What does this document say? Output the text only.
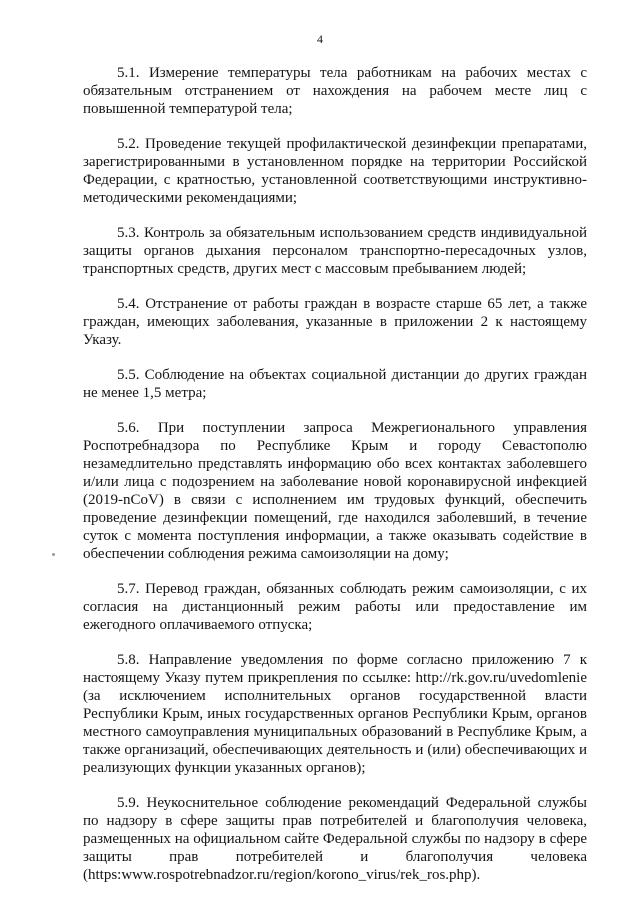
4

5.1. Измерение температуры тела работникам на рабочих местах с обязательным отстранением от нахождения на рабочем месте лиц с повышенной температурой тела;

5.2. Проведение текущей профилактической дезинфекции препаратами, зарегистрированными в установленном порядке на территории Российской Федерации, с кратностью, установленной соответствующими инструктивно-методическими рекомендациями;

5.3. Контроль за обязательным использованием средств индивидуальной защиты органов дыхания персоналом транспортно-пересадочных узлов, транспортных средств, других мест с массовым пребыванием людей;

5.4. Отстранение от работы граждан в возрасте старше 65 лет, а также граждан, имеющих заболевания, указанные в приложении 2 к настоящему Указу.

5.5. Соблюдение на объектах социальной дистанции до других граждан не менее 1,5 метра;

5.6. При поступлении запроса Межрегионального управления Роспотребнадзора по Республике Крым и городу Севастополю незамедлительно представлять информацию обо всех контактах заболевшего и/или лица с подозрением на заболевание новой коронавирусной инфекцией (2019-nCoV) в связи с исполнением им трудовых функций, обеспечить проведение дезинфекции помещений, где находился заболевший, в течение суток с момента поступления информации, а также оказывать содействие в обеспечении соблюдения режима самоизоляции на дому;

5.7. Перевод граждан, обязанных соблюдать режим самоизоляции, с их согласия на дистанционный режим работы или предоставление им ежегодного оплачиваемого отпуска;

5.8. Направление уведомления по форме согласно приложению 7 к настоящему Указу путем прикрепления по ссылке: http://rk.gov.ru/uvedomlenie (за исключением исполнительных органов государственной власти Республики Крым, иных государственных органов Республики Крым, органов местного самоуправления муниципальных образований в Республике Крым, а также организаций, обеспечивающих деятельность и (или) обеспечивающих и реализующих функции указанных органов);

5.9. Неукоснительное соблюдение рекомендаций Федеральной службы по надзору в сфере защиты прав потребителей и благополучия человека, размещенных на официальном сайте Федеральной службы по надзору в сфере защиты прав потребителей и благополучия человека (https:www.rospotrebnadzor.ru/region/korono_virus/rek_ros.php).
